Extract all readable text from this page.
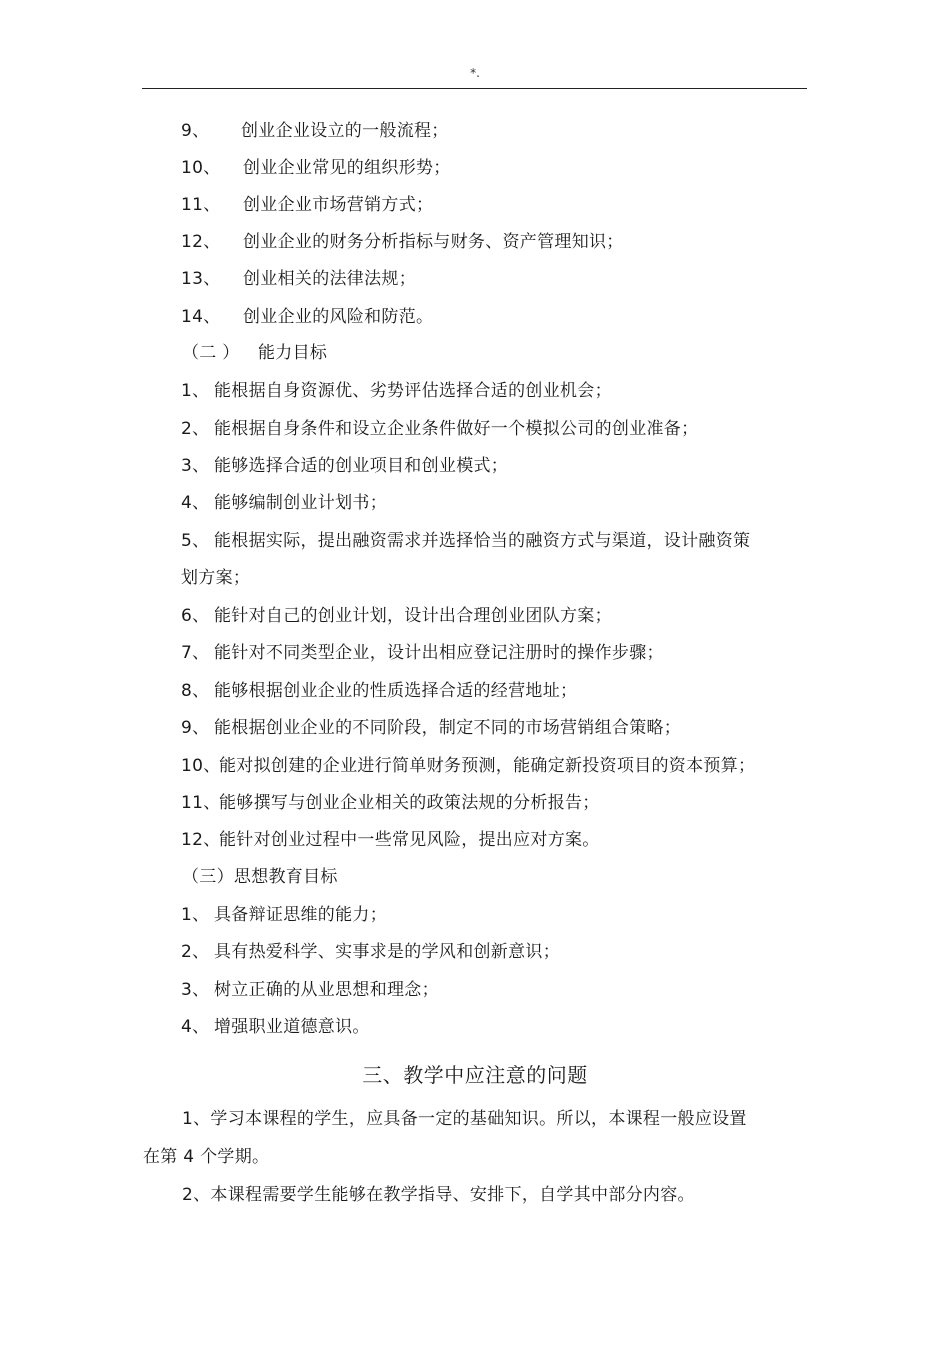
*.
9、 创业企业设立的一般流程；
10、 创业企业常见的组织形势；
11、 创业企业市场营销方式；
12、 创业企业的财务分析指标与财务、资产管理知识；
13、 创业相关的法律法规；
14、 创业企业的风险和防范。
（二 ） 能力目标
1、 能根据自身资源优、劣势评估选择合适的创业机会；
2、 能根据自身条件和设立企业条件做好一个模拟公司的创业准备；
3、 能够选择合适的创业项目和创业模式；
4、 能够编制创业计划书；
5、 能根据实际，提出融资需求并选择恰当的融资方式与渠道，设计融资策
划方案；
6、 能针对自己的创业计划，设计出合理创业团队方案；
7、 能针对不同类型企业，设计出相应登记注册时的操作步骤；
8、 能够根据创业企业的性质选择合适的经营地址；
9、 能根据创业企业的不同阶段，制定不同的市场营销组合策略；
10、能对拟创建的企业进行简单财务预测，能确定新投资项目的资本预算；
11、能够撰写与创业企业相关的政策法规的分析报告；
12、能针对创业过程中一些常见风险，提出应对方案。
（三）思想教育目标
1、 具备辩证思维的能力；
2、 具有热爱科学、实事求是的学风和创新意识；
3、 树立正确的从业思想和理念；
4、 增强职业道德意识。
三、教学中应注意的问题
1、学习本课程的学生，应具备一定的基础知识。所以，本课程一般应设置
在第 4 个学期。
2、本课程需要学生能够在教学指导、安排下，自学其中部分内容。
